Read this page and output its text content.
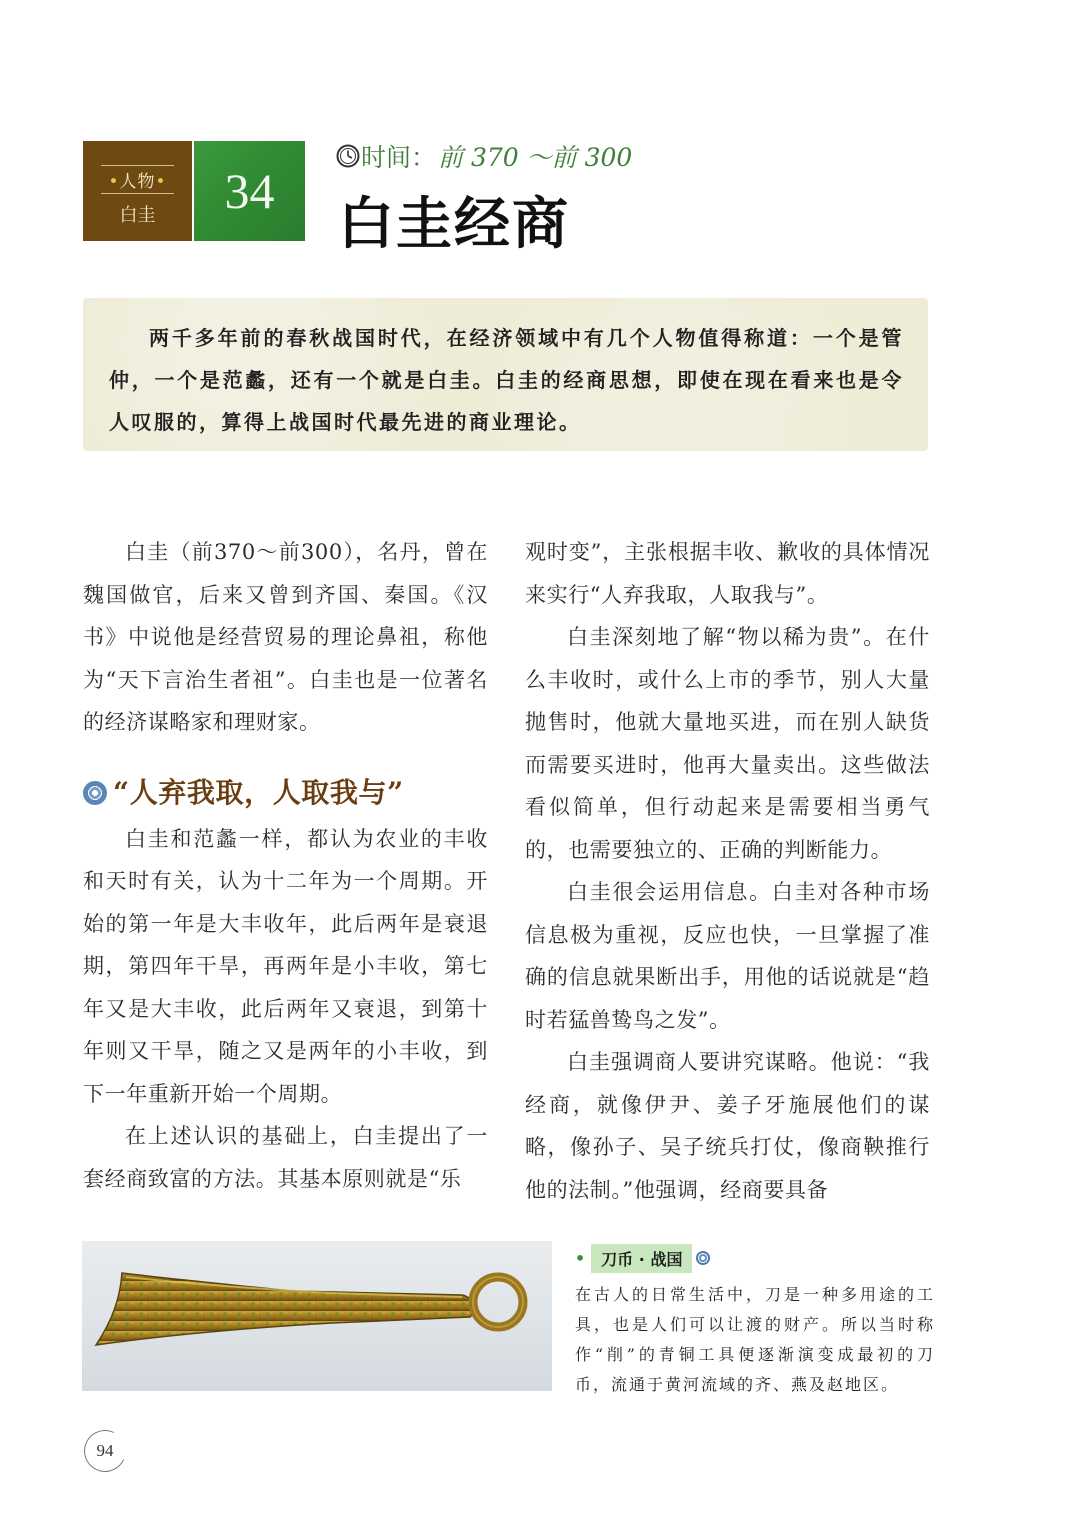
•人物•
白圭	34
时间： 前 370 ～前 300
白圭经商
两千多年前的春秋战国时代，在经济领域中有几个人物值得称道：一个是管仲，一个是范蠡，还有一个就是白圭。白圭的经商思想，即使在现在看来也是令人叹服的，算得上战国时代最先进的商业理论。

白圭（前370～前300），名丹，曾在魏国做官，后来又曾到齐国、秦国。《汉书》中说他是经营贸易的理论鼻祖，称他为“天下言治生者祖”。白圭也是一位著名的经济谋略家和理财家。

“人弃我取，人取我与”

白圭和范蠡一样，都认为农业的丰收和天时有关，认为十二年为一个周期。开始的第一年是大丰收年，此后两年是衰退期，第四年干旱，再两年是小丰收，第七年又是大丰收，此后两年又衰退，到第十年则又干旱，随之又是两年的小丰收，到下一年重新开始一个周期。

在上述认识的基础上，白圭提出了一套经商致富的方法。其基本原则就是“乐

观时变”，主张根据丰收、歉收的具体情况来实行“人弃我取，人取我与”。

白圭深刻地了解“物以稀为贵”。在什么丰收时，或什么上市的季节，别人大量抛售时，他就大量地买进，而在别人缺货而需要买进时，他再大量卖出。这些做法看似简单，但行动起来是需要相当勇气的，也需要独立的、正确的判断能力。

白圭很会运用信息。白圭对各种市场信息极为重视，反应也快，一旦掌握了准确的信息就果断出手，用他的话说就是“趋时若猛兽鸷鸟之发”。

白圭强调商人要讲究谋略。他说：“我经商，就像伊尹、姜子牙施展他们的谋略，像孙子、吴子统兵打仗，像商鞅推行他的法制。”他强调，经商要具备

•	刀币 · 战国
在古人的日常生活中，刀是一种多用途的工具，也是人们可以让渡的财产。所以当时称作“削”的青铜工具便逐渐演变成最初的刀币，流通于黄河流域的齐、燕及赵地区。
94
